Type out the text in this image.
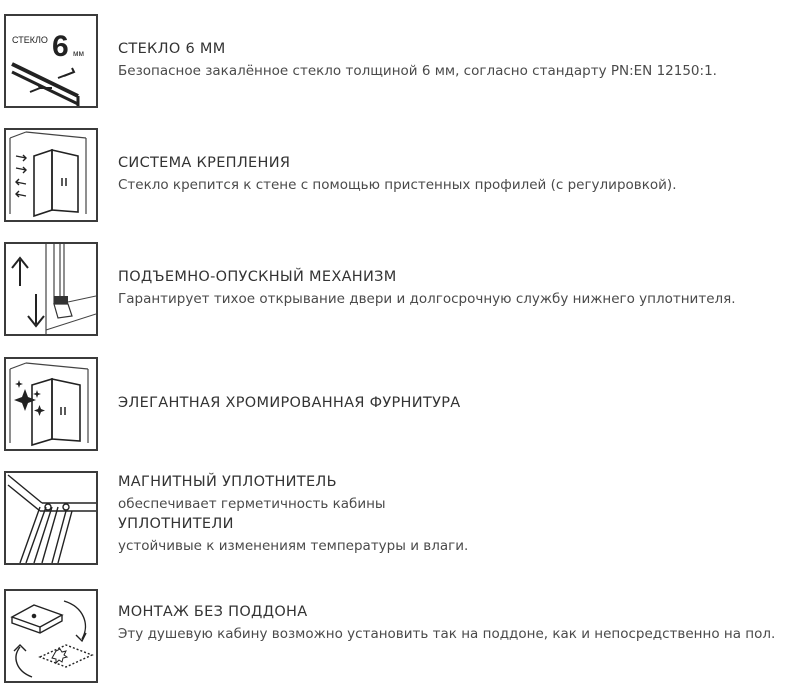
СТЕКЛО 6 мм СТЕКЛО 6 ММ
Безопасное закалённое стекло толщиной 6 мм, согласно стандарту PN:EN 12150:1.
СИСТЕМА КРЕПЛЕНИЯ
Стекло крепится к стене с помощью пристенных профилей (с регулировкой).
ПОДЪЕМНО-ОПУСКНЫЙ МЕХАНИЗМ
Гарантирует тихое открывание двери и долгосрочную службу нижнего уплотнителя.
ЭЛЕГАНТНАЯ ХРОМИРОВАННАЯ ФУРНИТУРА
МАГНИТНЫЙ УПЛОТНИТЕЛЬ
обеспечивает герметичность кабины
УПЛОТНИТЕЛИ
устойчивые к изменениям температуры и влаги.
МОНТАЖ БЕЗ ПОДДОНА
Эту душевую кабину возможно установить так на поддоне, как и непосредственно на пол.
